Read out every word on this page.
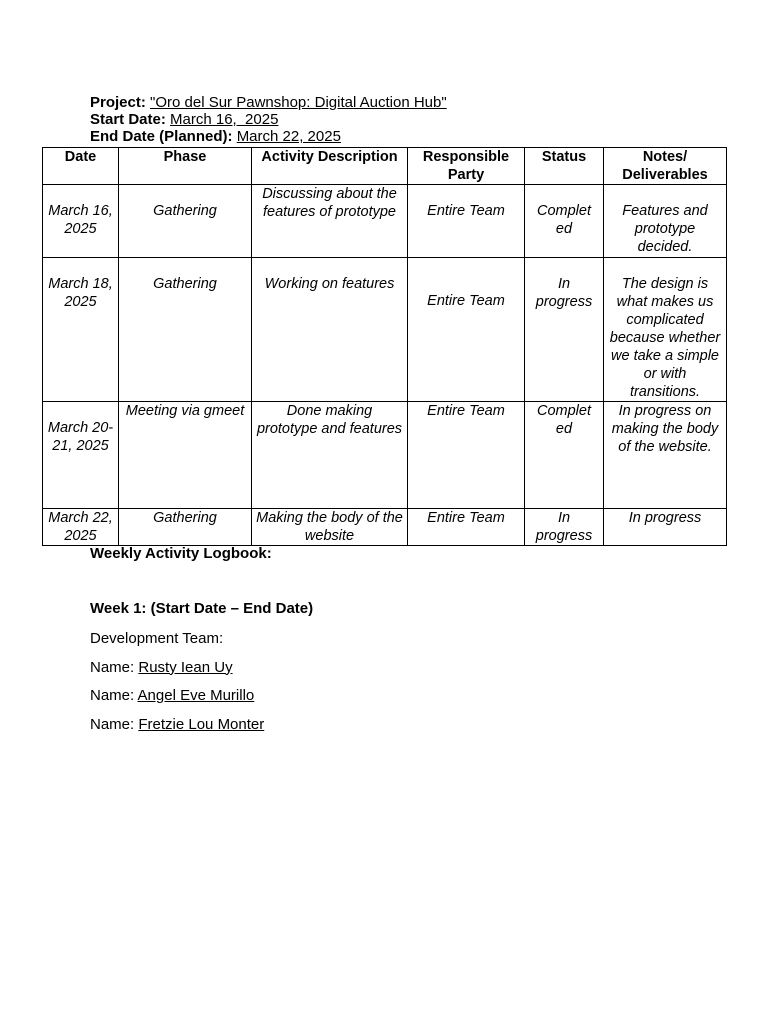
Project: "Oro del Sur Pawnshop: Digital Auction Hub"
Start Date: March 16,  2025
End Date (Planned): March 22, 2025
Date	Phase	Activity Description	Responsible Party	Status	Notes/ Deliverables
March 16, 2025	Gathering	Discussing about the features of prototype	Entire Team	Complet ed	Features and prototype decided.
March 18, 2025	Gathering	Working on features	Entire Team	In progress	The design is what makes us complicated because whether we take a simple or with transitions.
March 20-21, 2025	Meeting via gmeet	Done making prototype and features	Entire Team	Complet ed	In progress on making the body of the website.
March 22, 2025	Gathering	Making the body of the website	Entire Team	In progress	In progress
Weekly Activity Logbook:
Week 1: (Start Date – End Date)
Development Team:
Name: Rusty Iean Uy
Name: Angel Eve Murillo
Name: Fretzie Lou Monter
